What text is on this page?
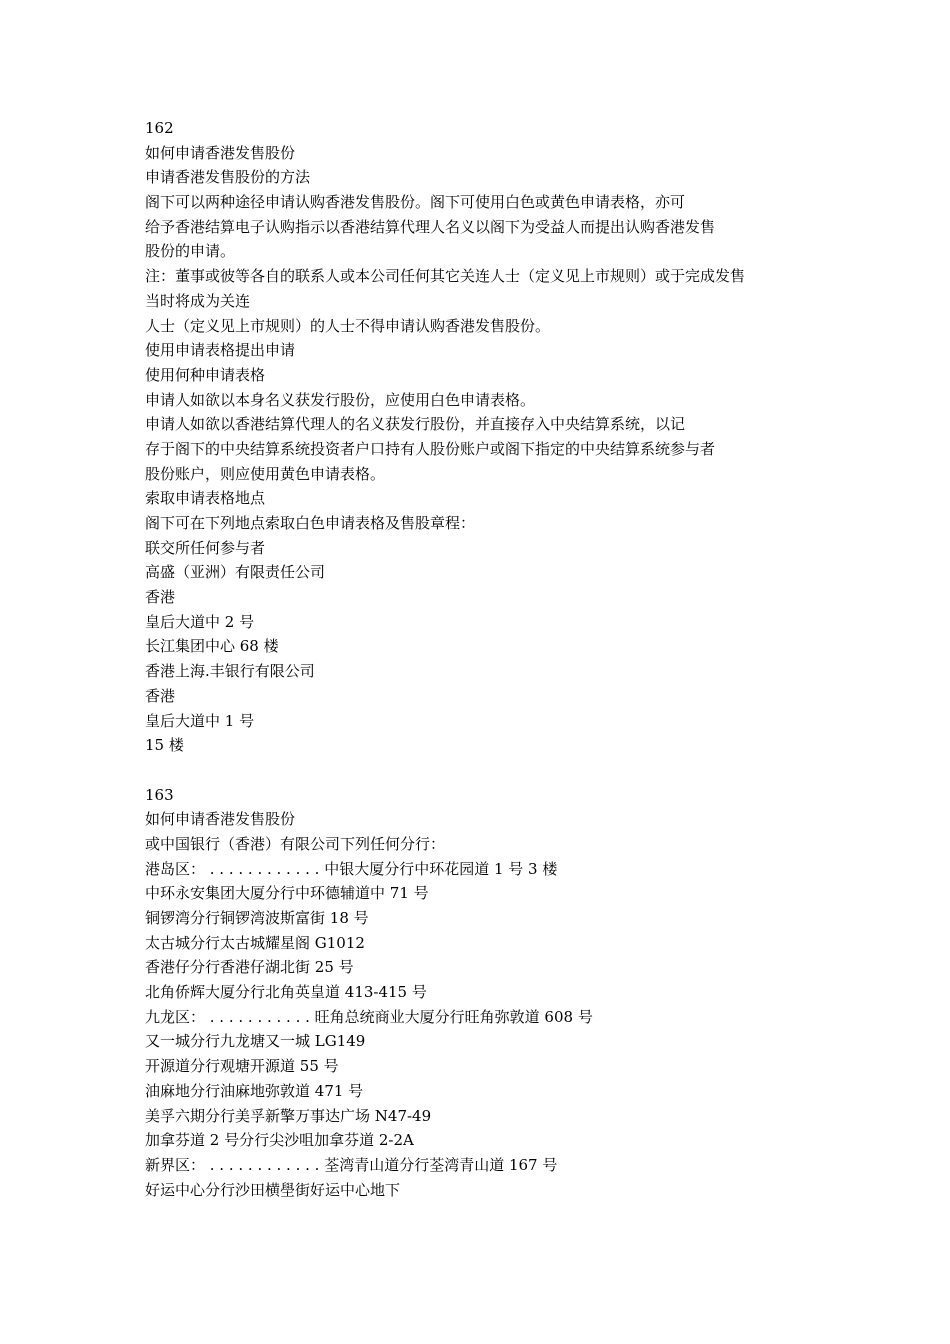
162
如何申请香港发售股份
申请香港发售股份的方法
阁下可以两种途径申请认购香港发售股份。阁下可使用白色或黄色申请表格，亦可
给予香港结算电子认购指示以香港结算代理人名义以阁下为受益人而提出认购香港发售
股份的申请。
注：董事或彼等各自的联系人或本公司任何其它关连人士（定义见上市规则）或于完成发售
当时将成为关连
人士（定义见上市规则）的人士不得申请认购香港发售股份。
使用申请表格提出申请
使用何种申请表格
申请人如欲以本身名义获发行股份，应使用白色申请表格。
申请人如欲以香港结算代理人的名义获发行股份，并直接存入中央结算系统，以记
存于阁下的中央结算系统投资者户口持有人股份账户或阁下指定的中央结算系统参与者
股份账户，则应使用黄色申请表格。
索取申请表格地点
阁下可在下列地点索取白色申请表格及售股章程：
联交所任何参与者
高盛（亚洲）有限责任公司
香港
皇后大道中 2 号
长江集团中心 68 楼
香港上海.丰银行有限公司
香港
皇后大道中 1 号
15 楼
163
如何申请香港发售股份
或中国银行（香港）有限公司下列任何分行：
港岛区： . . . . . . . . . . . . 中银大厦分行中环花园道 1 号 3 楼
中环永安集团大厦分行中环德辅道中 71 号
铜锣湾分行铜锣湾波斯富街 18 号
太古城分行太古城耀星阁 G1012
香港仔分行香港仔湖北街 25 号
北角侨辉大厦分行北角英皇道 413-415 号
九龙区： . . . . . . . . . . . 旺角总统商业大厦分行旺角弥敦道 608 号
又一城分行九龙塘又一城 LG149
开源道分行观塘开源道 55 号
油麻地分行油麻地弥敦道 471 号
美孚六期分行美孚新擎万事达广场 N47-49
加拿芬道 2 号分行尖沙咀加拿芬道 2-2A
新界区： . . . . . . . . . . . . 荃湾青山道分行荃湾青山道 167 号
好运中心分行沙田横壆街好运中心地下
